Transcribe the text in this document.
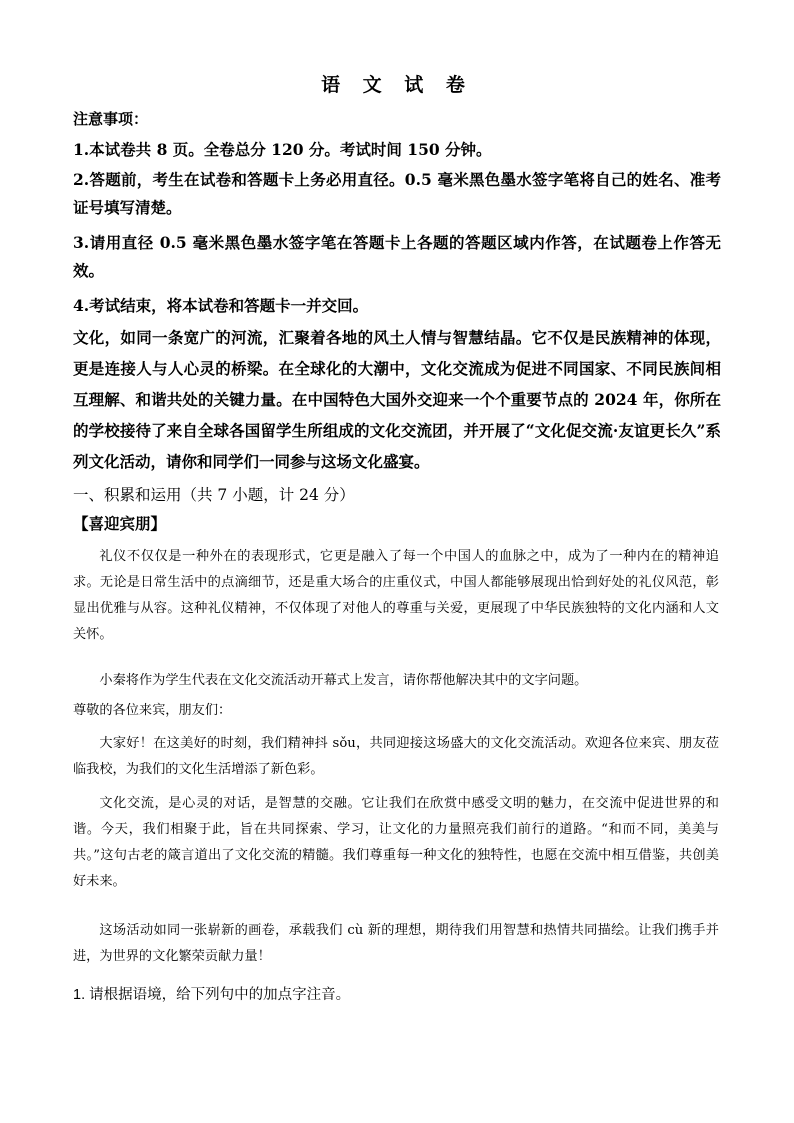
语 文 试 卷
注意事项：
1.本试卷共 8 页。全卷总分 120 分。考试时间 150 分钟。
2.答题前，考生在试卷和答题卡上务必用直径。0.5 毫米黑色墨水签字笔将自己的姓名、准考证号填写清楚。
3.请用直径 0.5 毫米黑色墨水签字笔在答题卡上各题的答题区域内作答，在试题卷上作答无效。
4.考试结束，将本试卷和答题卡一并交回。
文化，如同一条宽广的河流，汇聚着各地的风土人情与智慧结晶。它不仅是民族精神的体现，更是连接人与人心灵的桥梁。在全球化的大潮中，文化交流成为促进不同国家、不同民族间相互理解、和谐共处的关键力量。在中国特色大国外交迎来一个个重要节点的 2024 年，你所在的学校接待了来自全球各国留学生所组成的文化交流团，并开展了“文化促交流·友谊更长久”系列文化活动，请你和同学们一同参与这场文化盛宴。
一、积累和运用（共 7 小题，计 24 分）
【喜迎宾朋】
礼仪不仅仅是一种外在的表现形式，它更是融入了每一个中国人的血脉之中，成为了一种内在的精神追求。无论是日常生活中的点滴细节，还是重大场合的庄重仪式，中国人都能够展现出恰到好处的礼仪风范，彰显出优雅与从容。这种礼仪精神，不仅体现了对他人的尊重与关爱，更展现了中华民族独特的文化内涵和人文关怀。
小秦将作为学生代表在文化交流活动开幕式上发言，请你帮他解决其中的文字问题。
尊敬的各位来宾，朋友们：
大家好！在这美好的时刻，我们精神抖 sǒu，共同迎接这场盛大的文化交流活动。欢迎各位来宾、朋友莅临我校，为我们的文化生活增添了新色彩。
文化交流，是心灵的对话，是智慧的交融。它让我们在欣赏中感受文明的魅力，在交流中促进世界的和谐。今天，我们相聚于此，旨在共同探索、学习，让文化的力量照亮我们前行的道路。“和而不同，美美与共。”这句古老的箴言道出了文化交流的精髓。我们尊重每一种文化的独特性，也愿在交流中相互借鉴，共创美好未来。
这场活动如同一张崭新的画卷，承载我们 cù 新的理想，期待我们用智慧和热情共同描绘。让我们携手并进，为世界的文化繁荣贡献力量！
1. 请根据语境，给下列句中的加点字注音。
